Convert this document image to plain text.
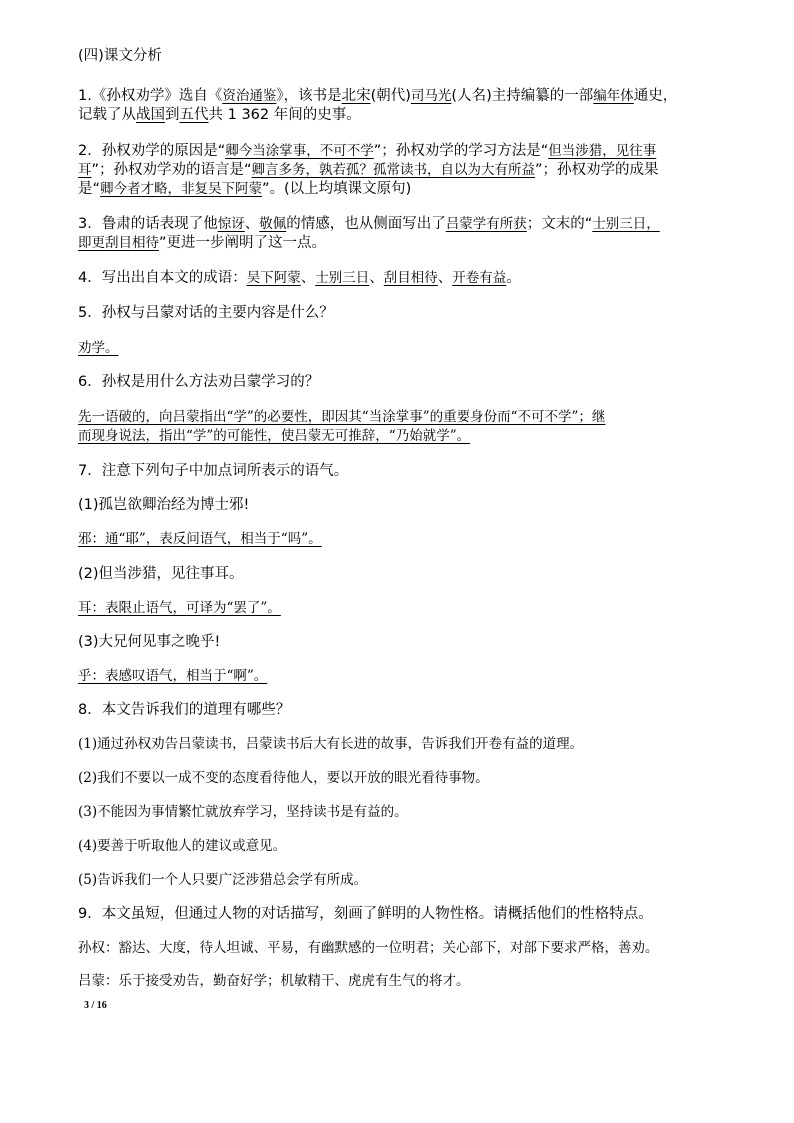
(四)课文分析
1.《孙权劝学》选自《资治通鉴》，该书是北宋(朝代)司马光(人名)主持编纂的一部编年体通史，
记载了从战国到五代共 1 362 年间的史事。
2．孙权劝学的原因是“卿今当涂掌事，不可不学”；孙权劝学的学习方法是“但当涉猎，见往事
耳”；孙权劝学劝的语言是“卿言多务，孰若孤？孤常读书，自以为大有所益”；孙权劝学的成果
是“卿今者才略，非复吴下阿蒙”。(以上均填课文原句)
3．鲁肃的话表现了他惊讶、敬佩的情感，也从侧面写出了吕蒙学有所获；文末的“士别三日，
即更刮目相待”更进一步阐明了这一点。
4．写出出自本文的成语：吴下阿蒙、士别三日、刮目相待、开卷有益。
5．孙权与吕蒙对话的主要内容是什么？
劝学。
6．孙权是用什么方法劝吕蒙学习的？
先一语破的，向吕蒙指出“学”的必要性，即因其“当涂掌事”的重要身份而“不可不学”；继
而现身说法，指出“学”的可能性，使吕蒙无可推辞，“乃始就学”。
7．注意下列句子中加点词所表示的语气。
(1)孤岂欲卿治经为博士邪!
邪：通“耶”，表反问语气，相当于“吗”。
(2)但当涉猎，见往事耳。
耳：表限止语气，可译为“罢了”。
(3)大兄何见事之晚乎!
乎：表感叹语气，相当于“啊”。
8．本文告诉我们的道理有哪些？
(1)通过孙权劝告吕蒙读书，吕蒙读书后大有长进的故事，告诉我们开卷有益的道理。
(2)我们不要以一成不变的态度看待他人，要以开放的眼光看待事物。
(3)不能因为事情繁忙就放弃学习，坚持读书是有益的。
(4)要善于听取他人的建议或意见。
(5)告诉我们一个人只要广泛涉猎总会学有所成。
9．本文虽短，但通过人物的对话描写，刻画了鲜明的人物性格。请概括他们的性格特点。
孙权：豁达、大度，待人坦诚、平易，有幽默感的一位明君；关心部下，对部下要求严格，善劝。
吕蒙：乐于接受劝告，勤奋好学；机敏精干、虎虎有生气的将才。
3 / 16
